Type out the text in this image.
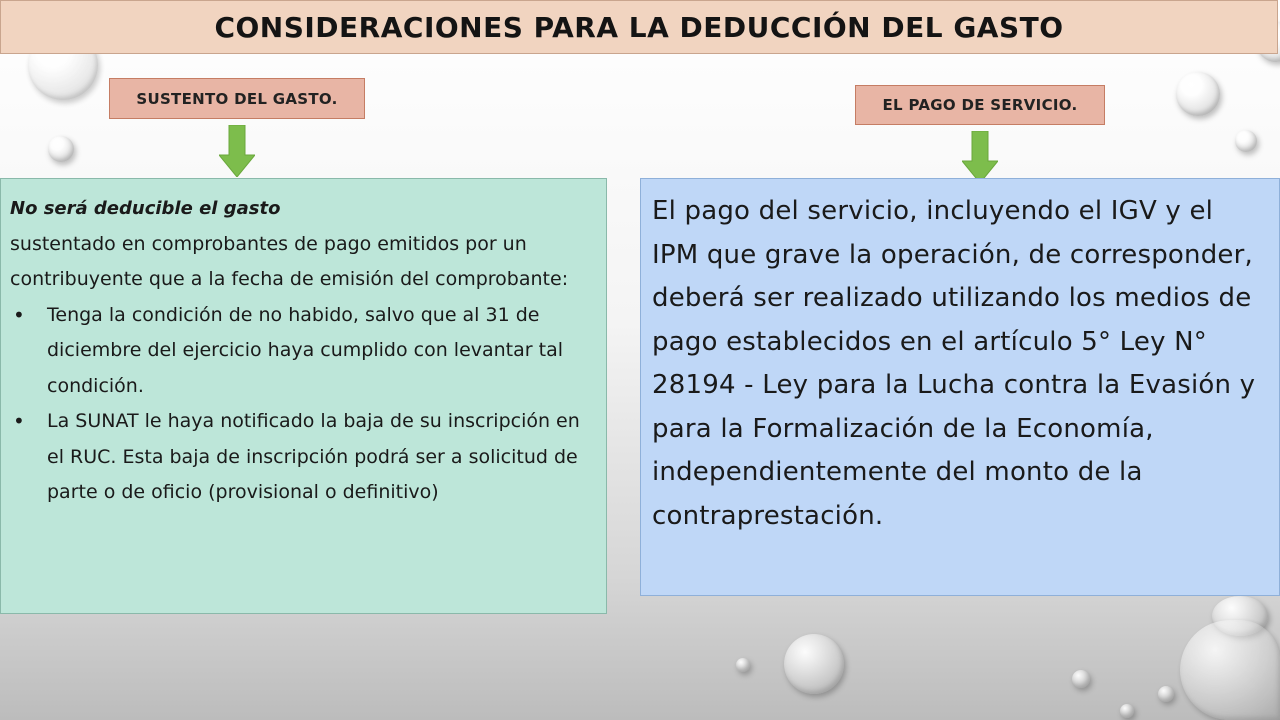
CONSIDERACIONES PARA LA DEDUCCIÓN DEL GASTO
SUSTENTO DEL GASTO.	EL PAGO DE SERVICIO.
No será deducible el gasto
sustentado en comprobantes de pago emitidos por un contribuyente que a la fecha de emisión del comprobante:
• Tenga la condición de no habido, salvo que al 31 de diciembre del ejercicio haya cumplido con levantar tal condición.
• La SUNAT le haya notificado la baja de su inscripción en el RUC. Esta baja de inscripción podrá ser a solicitud de parte o de oficio (provisional o definitivo)
El pago del servicio, incluyendo el IGV y el IPM que grave la operación, de corresponder, deberá ser realizado utilizando los medios de pago establecidos en el artículo 5° Ley N° 28194 - Ley para la Lucha contra la Evasión y para la Formalización de la Economía, independientemente del monto de la contraprestación.
